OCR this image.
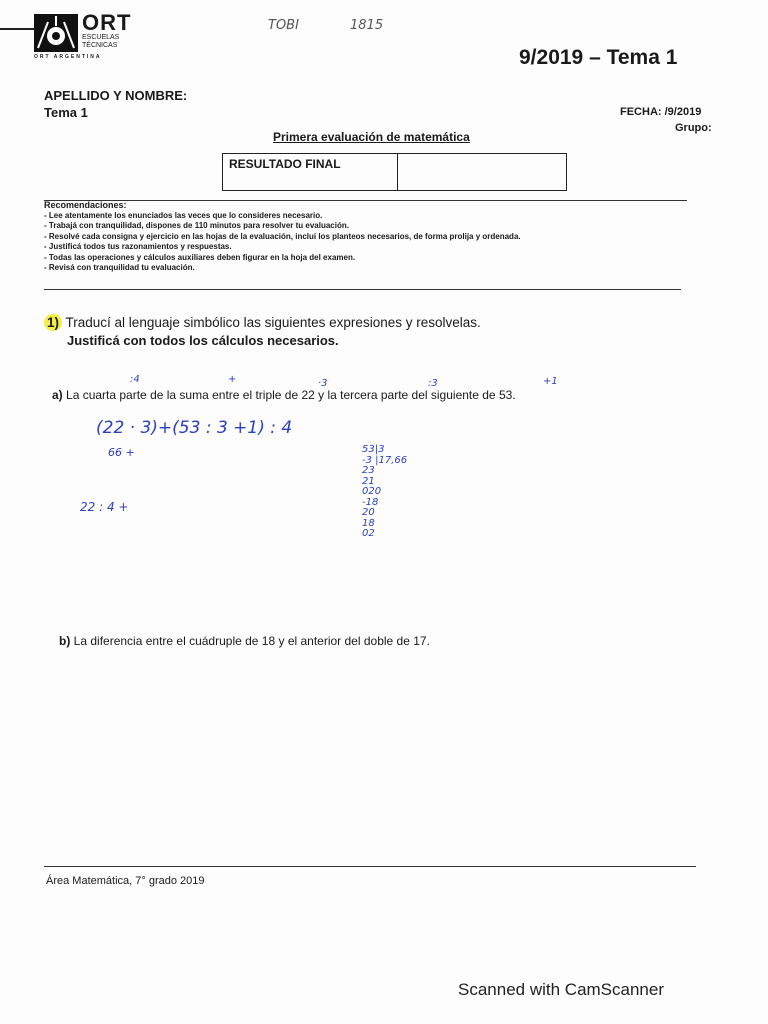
ORT
ESCUELAS TÉCNICAS
ORT ARGENTINA
TOBI	1815
9/2019 – Tema 1
APELLIDO Y NOMBRE:
Tema 1	FECHA: /9/2019
Grupo:
Primera evaluación de matemática
RESULTADO FINAL
Recomendaciones:
- Lee atentamente los enunciados las veces que lo consideres necesario.
- Trabajá con tranquilidad, dispones de 110 minutos para resolver tu evaluación.
- Resolvé cada consigna y ejercicio en las hojas de la evaluación, incluí los planteos necesarios, de forma prolija y ordenada.
- Justificá todos tus razonamientos y respuestas.
- Todas las operaciones y cálculos auxiliares deben figurar en la hoja del examen.
- Revisá con tranquilidad tu evaluación.
1) Traducí al lenguaje simbólico las siguientes expresiones y resolvelas.
Justificá con todos los cálculos necesarios.
:4	+	·3	:3	+1
a) La cuarta parte de la suma entre el triple de 22 y la tercera parte del siguiente de 53.
(22 · 3)+(53 : 3 +1) : 4
66 +
22 : 4 +
53|3
-3 |17,66
23
21
020
-18
20
18
02
b) La diferencia entre el cuádruple de 18 y el anterior del doble de 17.
Área Matemática, 7° grado 2019
Scanned with CamScanner
